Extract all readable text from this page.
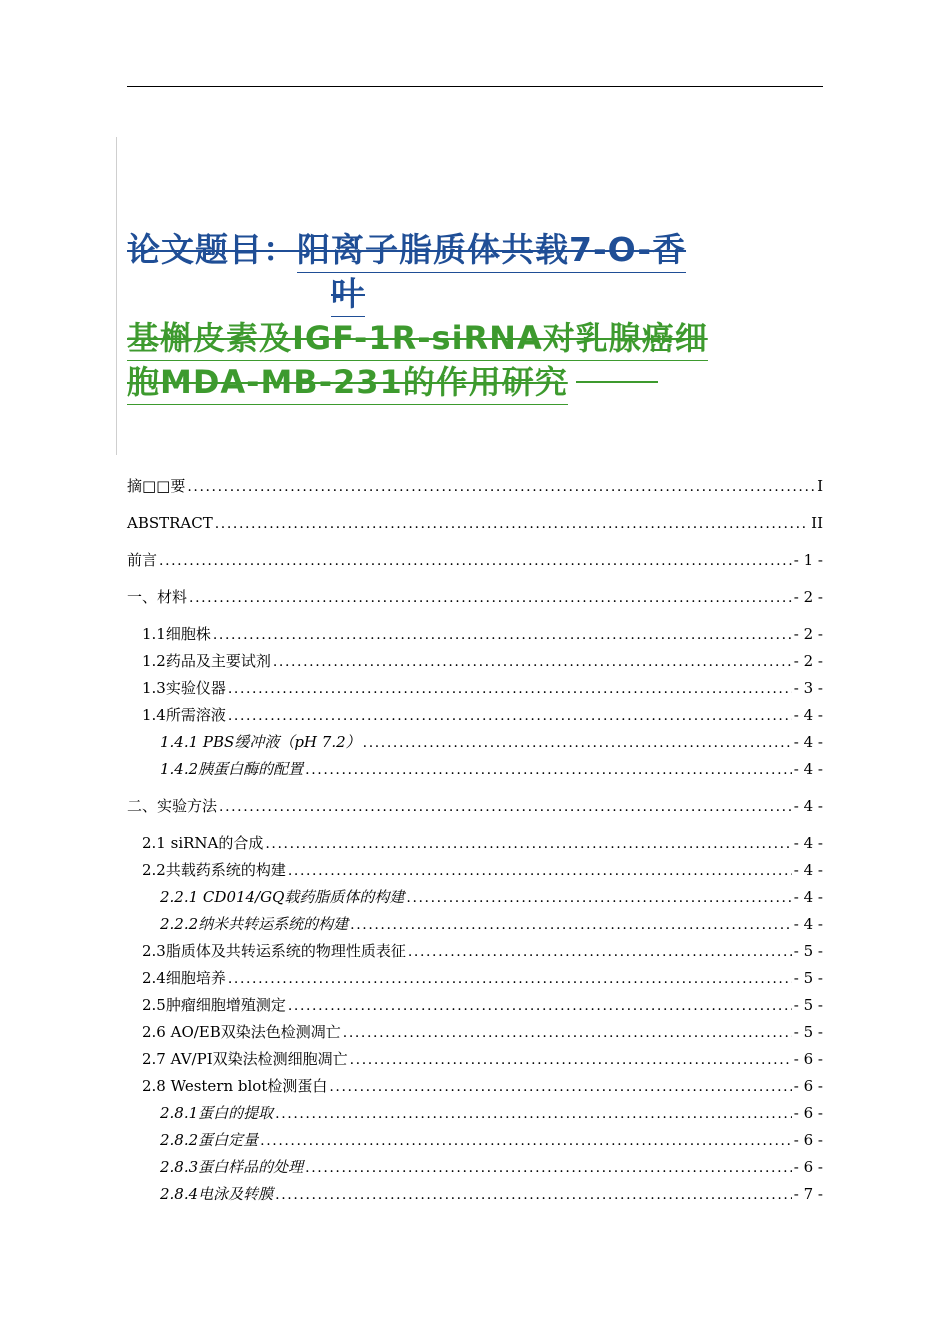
论文题目：阳离子脂质体共载7-O-香
叶
基槲皮素及IGF-1R-siRNA对乳腺癌细
胞MDA-MB-231的作用研究
摘□□要 .....	I
ABSTRACT .....	II
前言 .....	- 1 -
一、材料 .....	- 2 -
1.1细胞株 .....	- 2 -
1.2药品及主要试剂 .....	- 2 -
1.3实验仪器 .....	- 3 -
1.4所需溶液 .....	- 4 -
1.4.1 PBS缓冲液（pH 7.2） .....	- 4 -
1.4.2胰蛋白酶的配置 .....	- 4 -
二、实验方法 .....	- 4 -
2.1 siRNA的合成 .....	- 4 -
2.2共载药系统的构建 .....	- 4 -
2.2.1 CD014/GQ载药脂质体的构建 .....	- 4 -
2.2.2纳米共转运系统的构建 .....	- 4 -
2.3脂质体及共转运系统的物理性质表征 .....	- 5 -
2.4细胞培养 .....	- 5 -
2.5肿瘤细胞增殖测定 .....	- 5 -
2.6 AO/EB双染法色检测凋亡 .....	- 5 -
2.7 AV/PI双染法检测细胞凋亡 .....	- 6 -
2.8 Western blot检测蛋白 .....	- 6 -
2.8.1蛋白的提取 .....	- 6 -
2.8.2蛋白定量 .....	- 6 -
2.8.3蛋白样品的处理 .....	- 6 -
2.8.4电泳及转膜 .....	- 7 -
